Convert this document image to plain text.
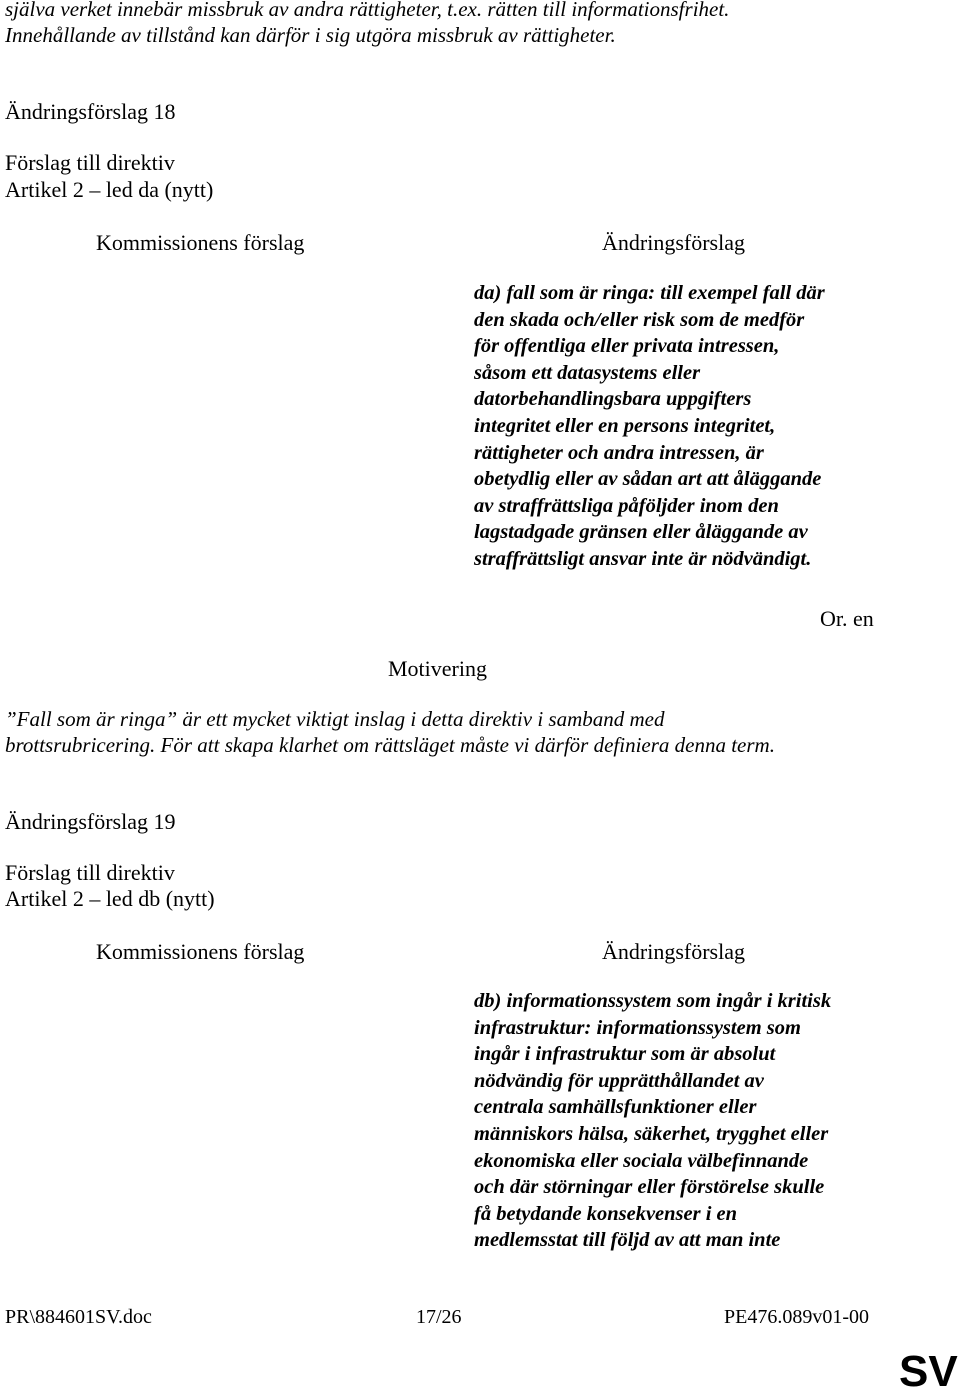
själva verket innebär missbruk av andra rättigheter, t.ex. rätten till informationsfrihet.
Innehållande av tillstånd kan därför i sig utgöra missbruk av rättigheter.
Ändringsförslag 18
Förslag till direktiv
Artikel 2 – led da (nytt)
Kommissionens förslag	Ändringsförslag
da) fall som är ringa: till exempel fall där
den skada och/eller risk som de medför
för offentliga eller privata intressen,
såsom ett datasystems eller
datorbehandlingsbara uppgifters
integritet eller en persons integritet,
rättigheter och andra intressen, är
obetydlig eller av sådan art att åläggande
av straffrättsliga påföljder inom den
lagstadgade gränsen eller åläggande av
straffrättsligt ansvar inte är nödvändigt.
Or. en
Motivering
”Fall som är ringa” är ett mycket viktigt inslag i detta direktiv i samband med
brottsrubricering. För att skapa klarhet om rättsläget måste vi därför definiera denna term.
Ändringsförslag 19
Förslag till direktiv
Artikel 2 – led db (nytt)
Kommissionens förslag	Ändringsförslag
db) informationssystem som ingår i kritisk
infrastruktur: informationssystem som
ingår i infrastruktur som är absolut
nödvändig för upprätthållandet av
centrala samhällsfunktioner eller
människors hälsa, säkerhet, trygghet eller
ekonomiska eller sociala välbefinnande
och där störningar eller förstörelse skulle
få betydande konsekvenser i en
medlemsstat till följd av att man inte
PR\884601SV.doc	17/26	PE476.089v01-00
SV
